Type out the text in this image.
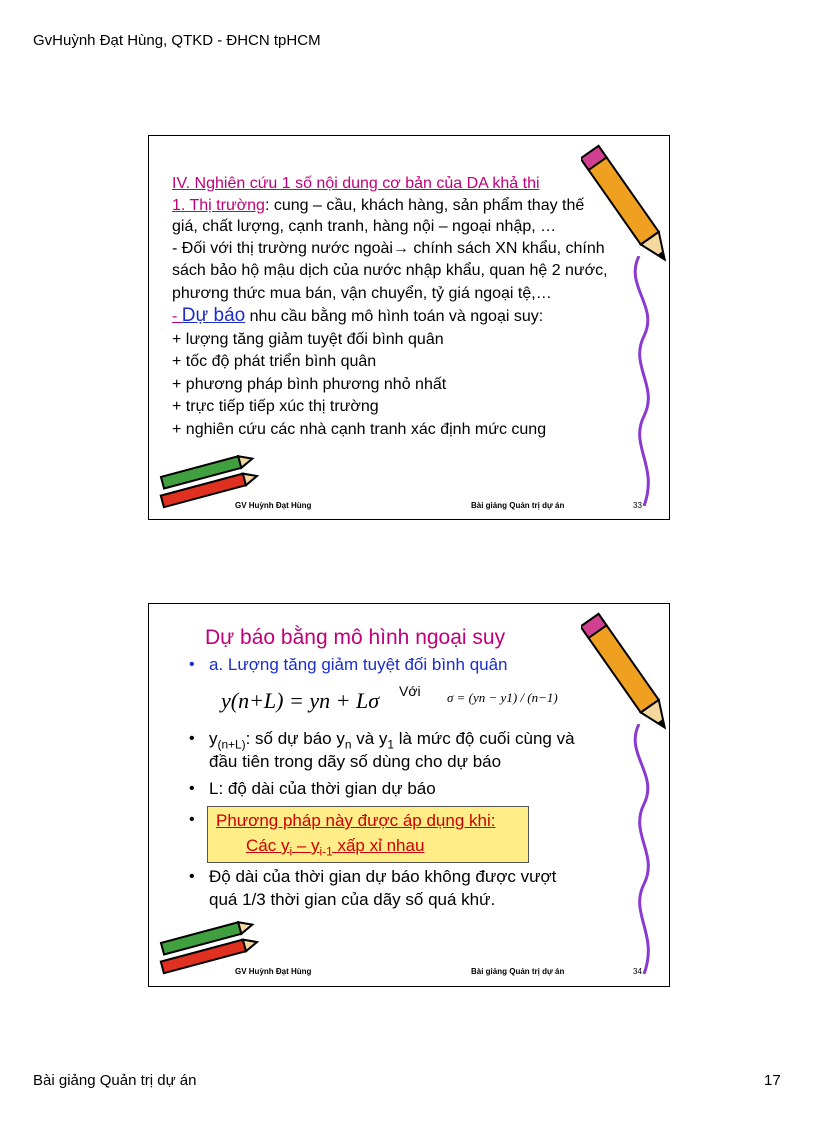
GvHuỳnh Đạt Hùng, QTKD - ĐHCN tpHCM
IV. Nghiên cứu 1 số nội dung cơ bản của DA khả thi
1. Thị trường: cung – cầu, khách hàng, sản phẩm thay thế
giá, chất lượng, cạnh tranh, hàng nội – ngoại nhập, …
- Đối với thị trường nước ngoài→ chính sách XN khẩu, chính
sách bảo hộ mậu dịch của nước nhập khẩu, quan hệ 2 nước,
phương thức mua bán, vận chuyển, tỷ giá ngoại tệ,…
- Dự báo nhu cầu bằng mô hình toán và ngoại suy:
+ lượng tăng giảm tuyệt đối bình quân
+ tốc độ phát triển bình quân
+ phương pháp bình phương nhỏ nhất
+ trực tiếp tiếp xúc thị trường
+ nghiên cứu các nhà cạnh tranh xác định mức cung
GV Huỳnh Đạt Hùng	Bài giảng Quản trị dự án	33
Dự báo bằng mô hình ngoại suy
• a. Lượng tăng giảm tuyệt đối bình quân
y(n+L) = yn + Lσ Với σ = (yn − y1) / (n−1)
• $y_{(n+L)}$: số dự báo $y_n$ và $y_1$ là mức độ cuối cùng và
đầu tiên trong dãy số dùng cho dự báo
• L: độ dài của thời gian dự báo
• Phương pháp này được áp dụng khi:
Các $y_i - y_{i-1}$ xấp xỉ nhau
• Độ dài của thời gian dự báo không được vượt
quá 1/3 thời gian của dãy số quá khứ.
GV Huỳnh Đạt Hùng	Bài giảng Quản trị dự án	34
Bài giảng Quản trị dự án	17
